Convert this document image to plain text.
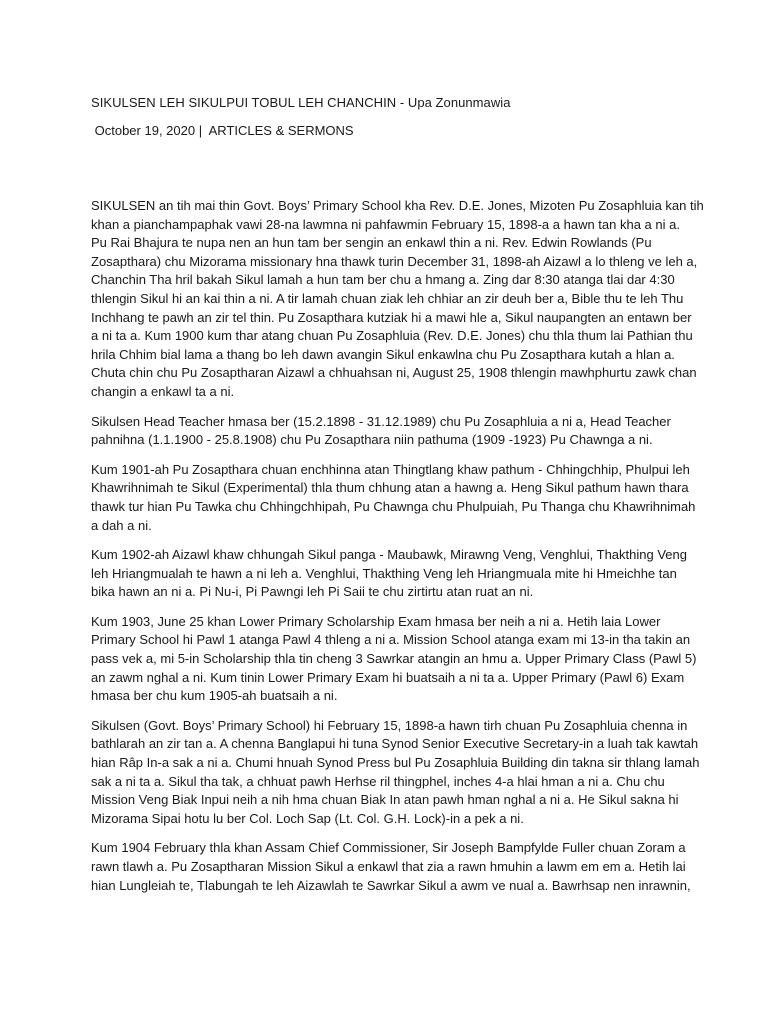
SIKULSEN LEH SIKULPUI TOBUL LEH CHANCHIN - Upa Zonunmawia
October 19, 2020 | ARTICLES & SERMONS

SIKULSEN an tih mai thin Govt. Boys’ Primary School kha Rev. D.E. Jones, Mizoten Pu Zosaphluia kan tih
khan a pianchampaphak vawi 28-na lawmna ni pahfawmin February 15, 1898-a a hawn tan kha a ni a.
Pu Rai Bhajura te nupa nen an hun tam ber sengin an enkawl thin a ni. Rev. Edwin Rowlands (Pu
Zosapthara) chu Mizorama missionary hna thawk turin December 31, 1898-ah Aizawl a lo thleng ve leh a,
Chanchin Tha hril bakah Sikul lamah a hun tam ber chu a hmang a. Zing dar 8:30 atanga tlai dar 4:30
thlengin Sikul hi an kai thin a ni. A tir lamah chuan ziak leh chhiar an zir deuh ber a, Bible thu te leh Thu
Inchhang te pawh an zir tel thin. Pu Zosapthara kutziak hi a mawi hle a, Sikul naupangten an entawn ber
a ni ta a. Kum 1900 kum thar atang chuan Pu Zosaphluia (Rev. D.E. Jones) chu thla thum lai Pathian thu
hrila Chhim bial lama a thang bo leh dawn avangin Sikul enkawlna chu Pu Zosapthara kutah a hlan a.
Chuta chin chu Pu Zosaptharan Aizawl a chhuahsan ni, August 25, 1908 thlengin mawhphurtu zawk chan
changin a enkawl ta a ni.

Sikulsen Head Teacher hmasa ber (15.2.1898 - 31.12.1989) chu Pu Zosaphluia a ni a, Head Teacher
pahnihna (1.1.1900 - 25.8.1908) chu Pu Zosapthara niin pathuma (1909 -1923) Pu Chawnga a ni.

Kum 1901-ah Pu Zosapthara chuan enchhinna atan Thingtlang khaw pathum - Chhingchhip, Phulpui leh
Khawrihnimah te Sikul (Experimental) thla thum chhung atan a hawng a. Heng Sikul pathum hawn thara
thawk tur hian Pu Tawka chu Chhingchhipah, Pu Chawnga chu Phulpuiah, Pu Thanga chu Khawrihnimah
a dah a ni.

Kum 1902-ah Aizawl khaw chhungah Sikul panga - Maubawk, Mirawng Veng, Venghlui, Thakthing Veng
leh Hriangmualah te hawn a ni leh a. Venghlui, Thakthing Veng leh Hriangmuala mite hi Hmeichhe tan
bika hawn an ni a. Pi Nu-i, Pi Pawngi leh Pi Saii te chu zirtirtu atan ruat an ni.

Kum 1903, June 25 khan Lower Primary Scholarship Exam hmasa ber neih a ni a. Hetih laia Lower
Primary School hi Pawl 1 atanga Pawl 4 thleng a ni a. Mission School atanga exam mi 13-in tha takin an
pass vek a, mi 5-in Scholarship thla tin cheng 3 Sawrkar atangin an hmu a. Upper Primary Class (Pawl 5)
an zawm nghal a ni. Kum tinin Lower Primary Exam hi buatsaih a ni ta a. Upper Primary (Pawl 6) Exam
hmasa ber chu kum 1905-ah buatsaih a ni.

Sikulsen (Govt. Boys’ Primary School) hi February 15, 1898-a hawn tirh chuan Pu Zosaphluia chenna in
bathlarah an zir tan a. A chenna Banglapui hi tuna Synod Senior Executive Secretary-in a luah tak kawtah
hian Râp In-a sak a ni a. Chumi hnuah Synod Press bul Pu Zosaphluia Building din takna sir thlang lamah
sak a ni ta a. Sikul tha tak, a chhuat pawh Herhse ril thingphel, inches 4-a hlai hman a ni a. Chu chu
Mission Veng Biak Inpui neih a nih hma chuan Biak In atan pawh hman nghal a ni a. He Sikul sakna hi
Mizorama Sipai hotu lu ber Col. Loch Sap (Lt. Col. G.H. Lock)-in a pek a ni.

Kum 1904 February thla khan Assam Chief Commissioner, Sir Joseph Bampfylde Fuller chuan Zoram a
rawn tlawh a. Pu Zosaptharan Mission Sikul a enkawl that zia a rawn hmuhin a lawm em em a. Hetih lai
hian Lungleiah te, Tlabungah te leh Aizawlah te Sawrkar Sikul a awm ve nual a. Bawrhsap nen inrawnin,
